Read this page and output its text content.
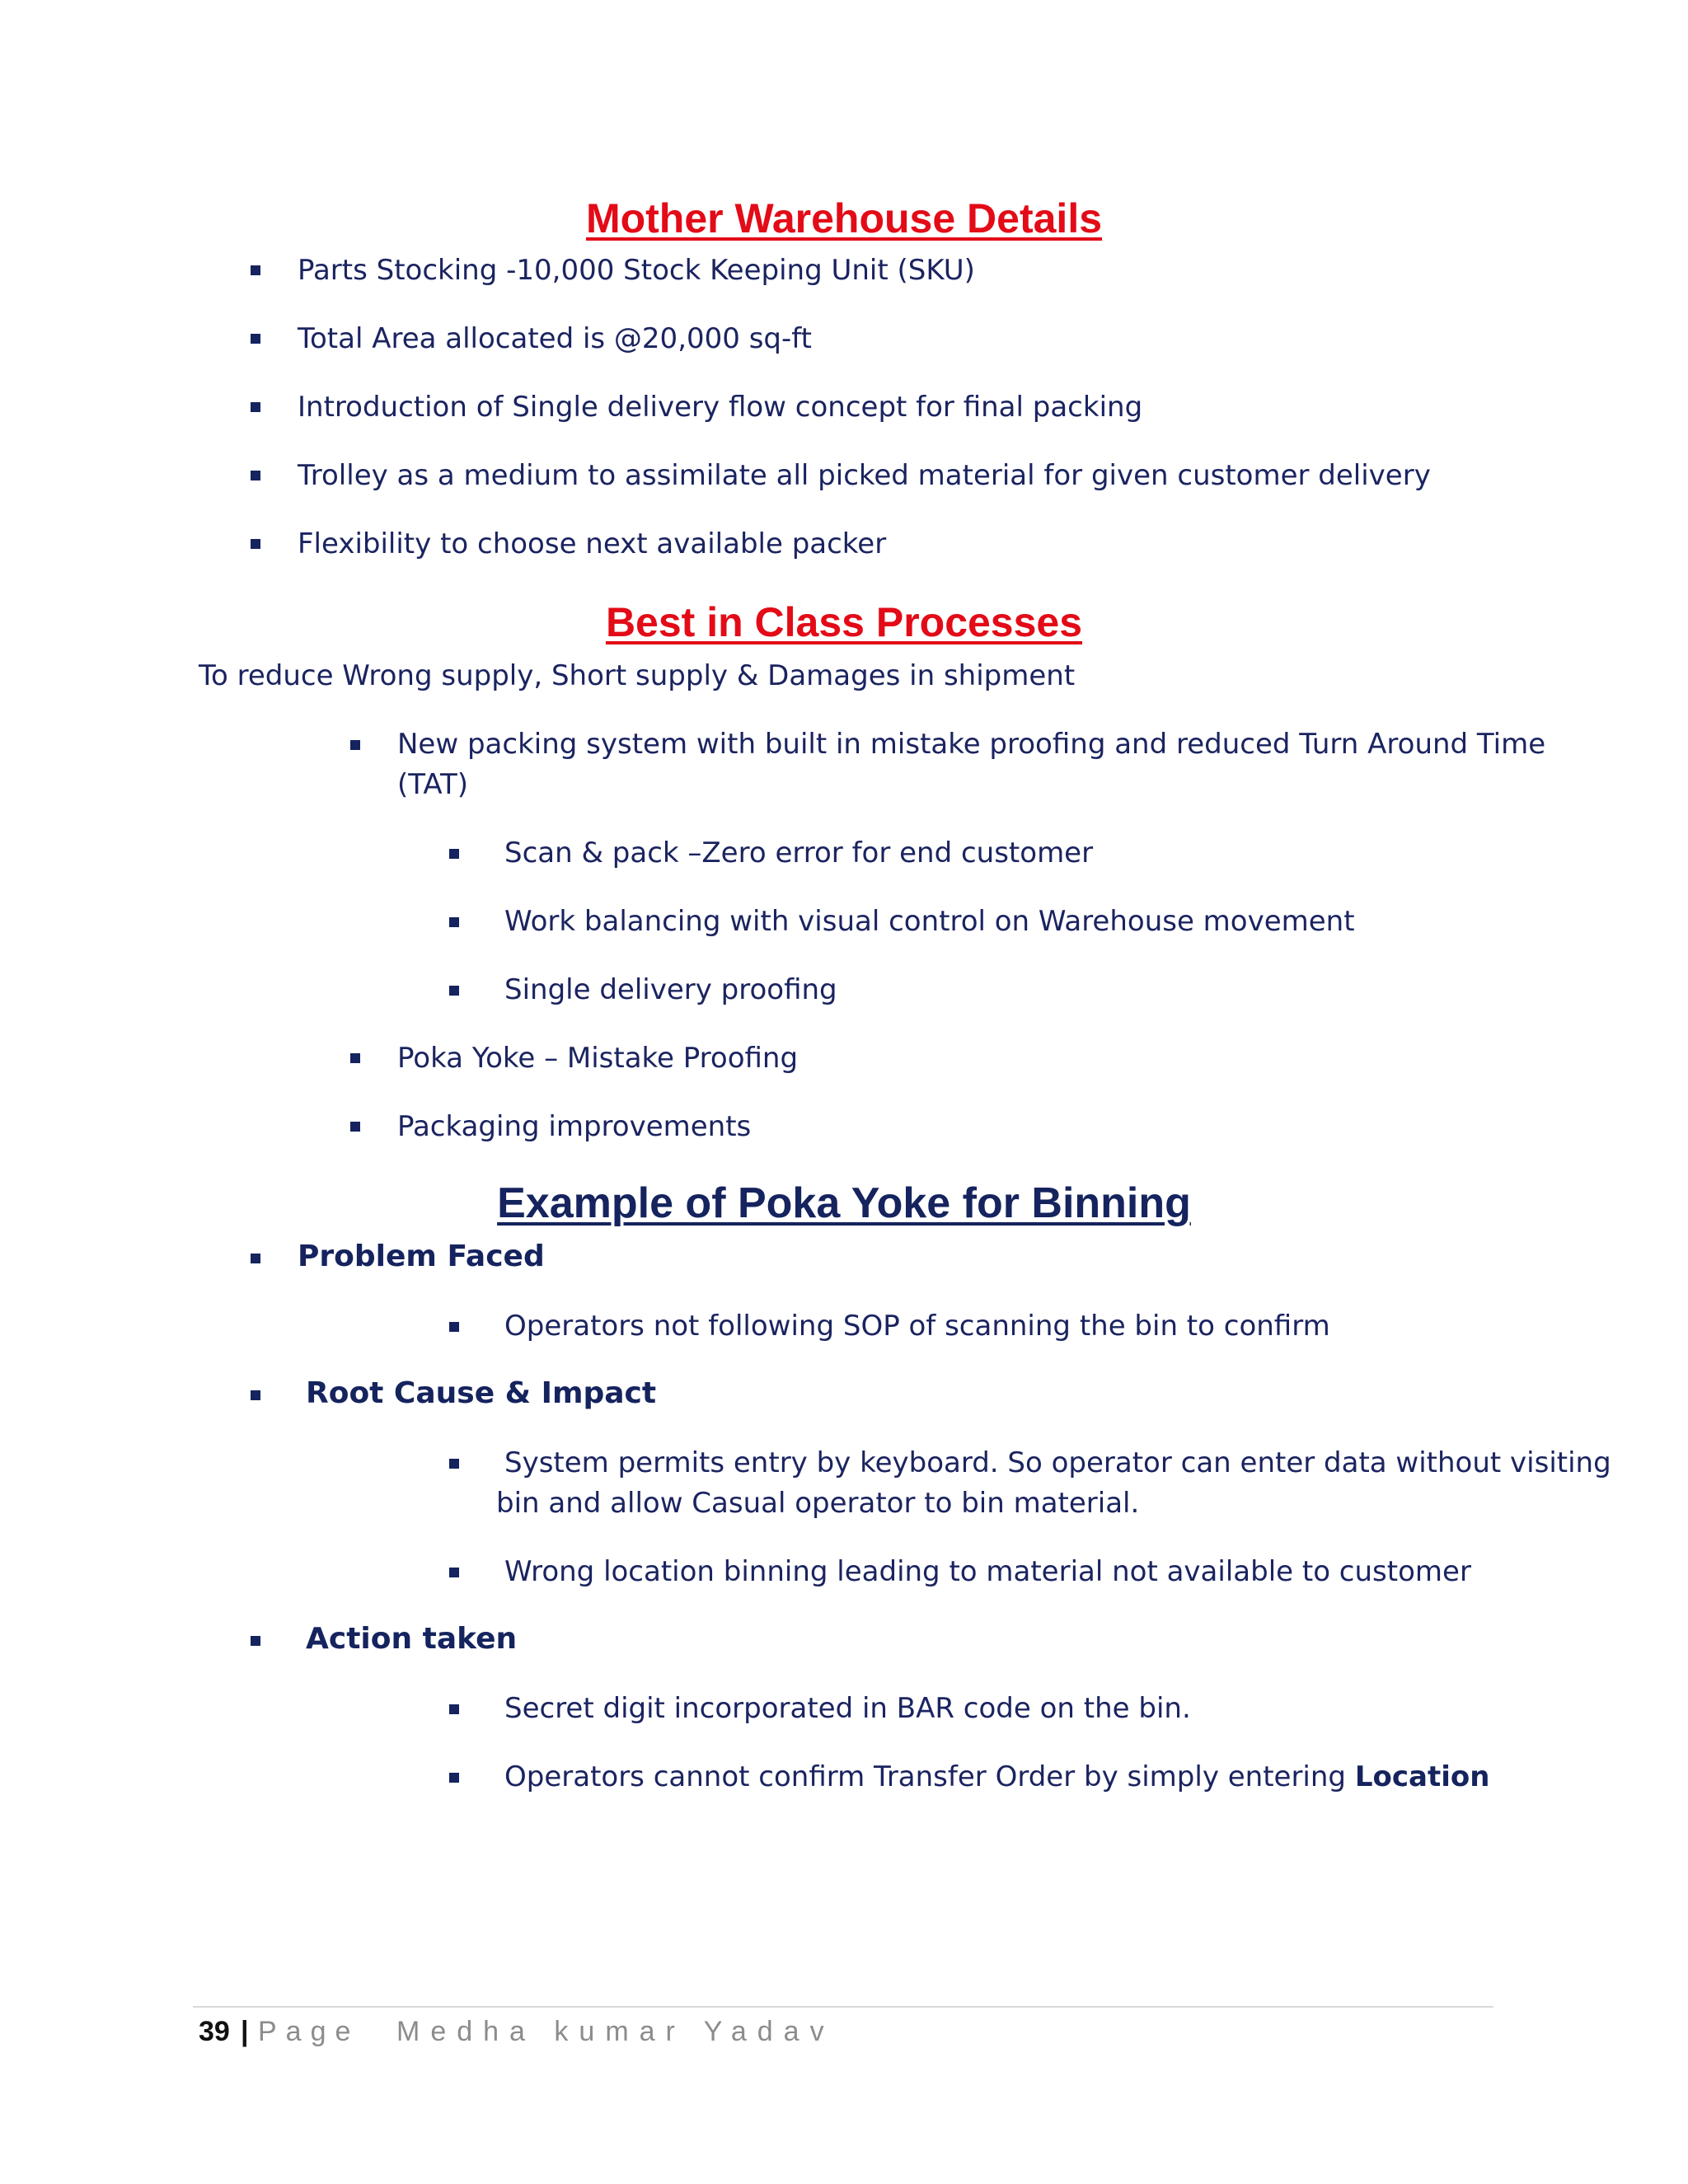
Mother Warehouse Details
Parts Stocking -10,000 Stock Keeping Unit (SKU)
Total Area allocated is @20,000 sq-ft
Introduction of Single delivery flow concept for final packing
Trolley as a medium to assimilate all picked material for given customer delivery
Flexibility to choose next available packer
Best in Class Processes
To reduce Wrong supply, Short supply & Damages in shipment
New packing system with built in mistake proofing and reduced Turn Around Time
(TAT)
Scan & pack –Zero error for end customer
Work balancing with visual control on Warehouse movement
Single delivery proofing
Poka Yoke – Mistake Proofing
Packaging improvements
Example of Poka Yoke for Binning
Problem Faced
Operators not following SOP of scanning the bin to confirm
Root Cause & Impact
System permits entry by keyboard. So operator can enter data without visiting
bin and allow Casual operator to bin material.
Wrong location binning leading to material not available to customer
Action taken
Secret digit incorporated in BAR code on the bin.
Operators cannot confirm Transfer Order by simply entering Location
39 | Page Medha kumar Yadav
